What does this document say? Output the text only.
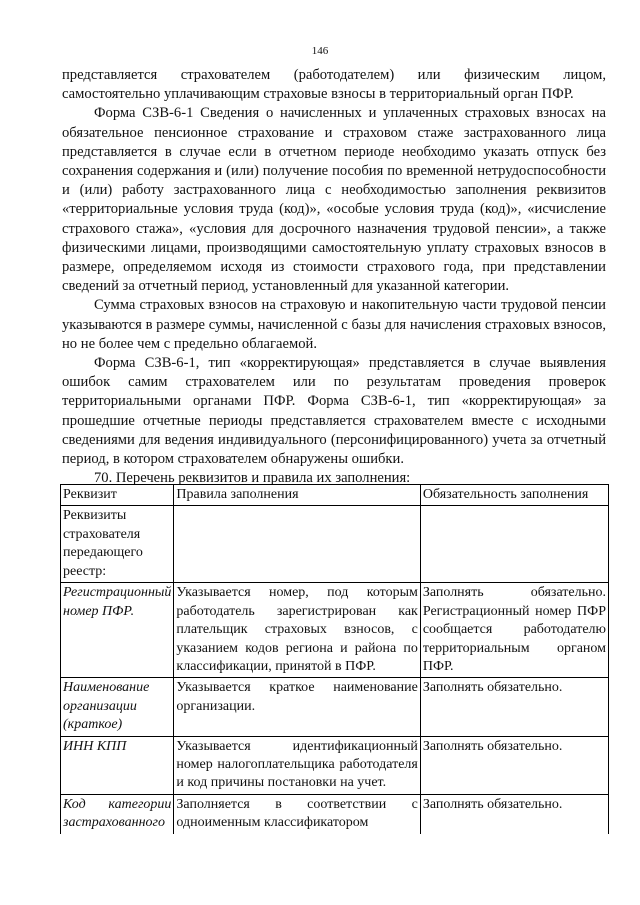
146

представляется страхователем (работодателем) или физическим лицом, самостоятельно уплачивающим страховые взносы в территориальный орган ПФР.

Форма СЗВ-6-1 Сведения о начисленных и уплаченных страховых взносах на обязательное пенсионное страхование и страховом стаже застрахованного лица представляется в случае если в отчетном периоде необходимо указать отпуск без сохранения содержания и (или) получение пособия по временной нетрудоспособности и (или) работу застрахованного лица с необходимостью заполнения реквизитов «территориальные условия труда (код)», «особые условия труда (код)», «исчисление страхового стажа», «условия для досрочного назначения трудовой пенсии», а также физическими лицами, производящими самостоятельную уплату страховых взносов в размере, определяемом исходя из стоимости страхового года, при представлении сведений за отчетный период, установленный для указанной категории.

Сумма страховых взносов на страховую и накопительную части трудовой пенсии указываются в размере суммы, начисленной с базы для начисления страховых взносов, но не более чем с предельно облагаемой.

Форма СЗВ-6-1, тип «корректирующая» представляется в случае выявления ошибок самим страхователем или по результатам проведения проверок территориальными органами ПФР. Форма СЗВ-6-1, тип «корректирующая» за прошедшие отчетные периоды представляется страхователем вместе с исходными сведениями для ведения индивидуального (персонифицированного) учета за отчетный период, в котором страхователем обнаружены ошибки.

70. Перечень реквизитов и правила их заполнения:

Реквизит	Правила заполнения	Обязательность заполнения
Реквизиты страхователя передающего реестр:		
Регистрационный номер ПФР.	Указывается номер, под которым работодатель зарегистрирован как плательщик страховых взносов, с указанием кодов региона и района по классификации, принятой в ПФР.	Заполнять обязательно. Регистрационный номер ПФР сообщается работодателю территориальным органом ПФР.
Наименование организации (краткое)	Указывается краткое наименование организации.	Заполнять обязательно.
ИНН КПП	Указывается идентификационный номер налогоплательщика работодателя и код причины постановки на учет.	Заполнять обязательно.
Код категории застрахованного	Заполняется в соответствии с одноименным классификатором	Заполнять обязательно.
